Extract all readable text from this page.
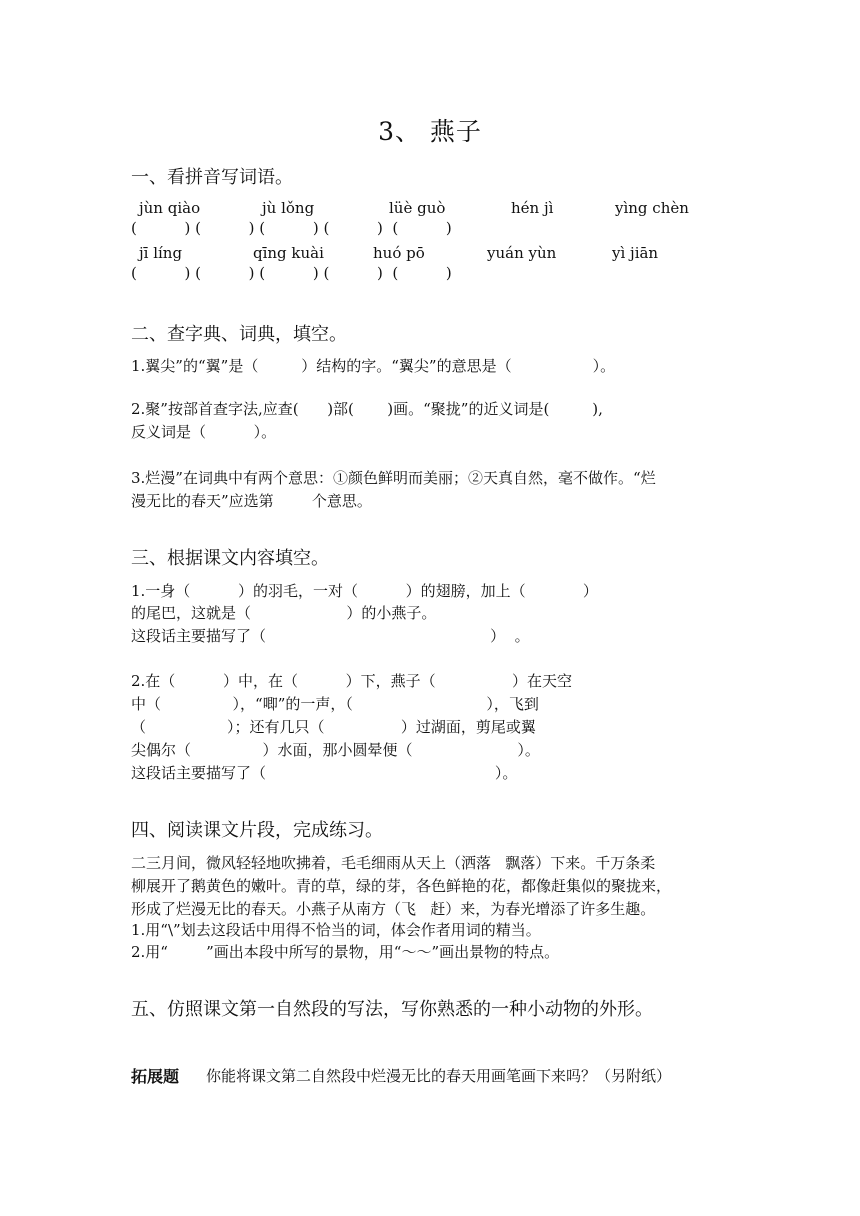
3、 燕子
一、看拼音写词语。
jùn qiào	jù lǒng	lüè guò	hén jì	yìng chèn
(          ) (          ) (          ) (          )  (          )
jī líng	qīng kuài	huó pō	yuán yùn	yì jiān
(          ) (          ) (          ) (          )  (          )
二、查字典、词典，填空。
1.翼尖”的“翼”是（         ）结构的字。“翼尖”的意思是（                 ）。
2.聚”按部首查字法,应查(      )部(       )画。“聚拢”的近义词是(         ),
反义词是（          ）。
3.烂漫”在词典中有两个意思：①颜色鲜明而美丽；②天真自然，毫不做作。“烂
漫无比的春天”应选第        个意思。
三、根据课文内容填空。
1.一身（          ）的羽毛，一对（          ）的翅膀，加上（            ）
的尾巴，这就是（                    ）的小燕子。
这段话主要描写了（                                               ）  。
2.在（          ）中，在（          ）下，燕子（                ）在天空
中（               ），“唧”的一声，（                            ），飞到
（                 ）；还有几只（                ）过湖面，剪尾或翼
尖偶尔（               ）水面，那小圆晕便（                      ）。
这段话主要描写了（                                                ）。
四、阅读课文片段，完成练习。
二三月间，微风轻轻地吹拂着，毛毛细雨从天上（洒落   飘落）下来。千万条柔
柳展开了鹅黄色的嫩叶。青的草，绿的芽，各色鲜艳的花，都像赶集似的聚拢来，
形成了烂漫无比的春天。小燕子从南方（飞   赶）来，为春光增添了许多生趣。
1.用“\”划去这段话中用得不恰当的词，体会作者用词的精当。
2.用“        ”画出本段中所写的景物，用“～～”画出景物的特点。
五、仿照课文第一自然段的写法，写你熟悉的一种小动物的外形。
拓展题 你能将课文第二自然段中烂漫无比的春天用画笔画下来吗？（另附纸）
